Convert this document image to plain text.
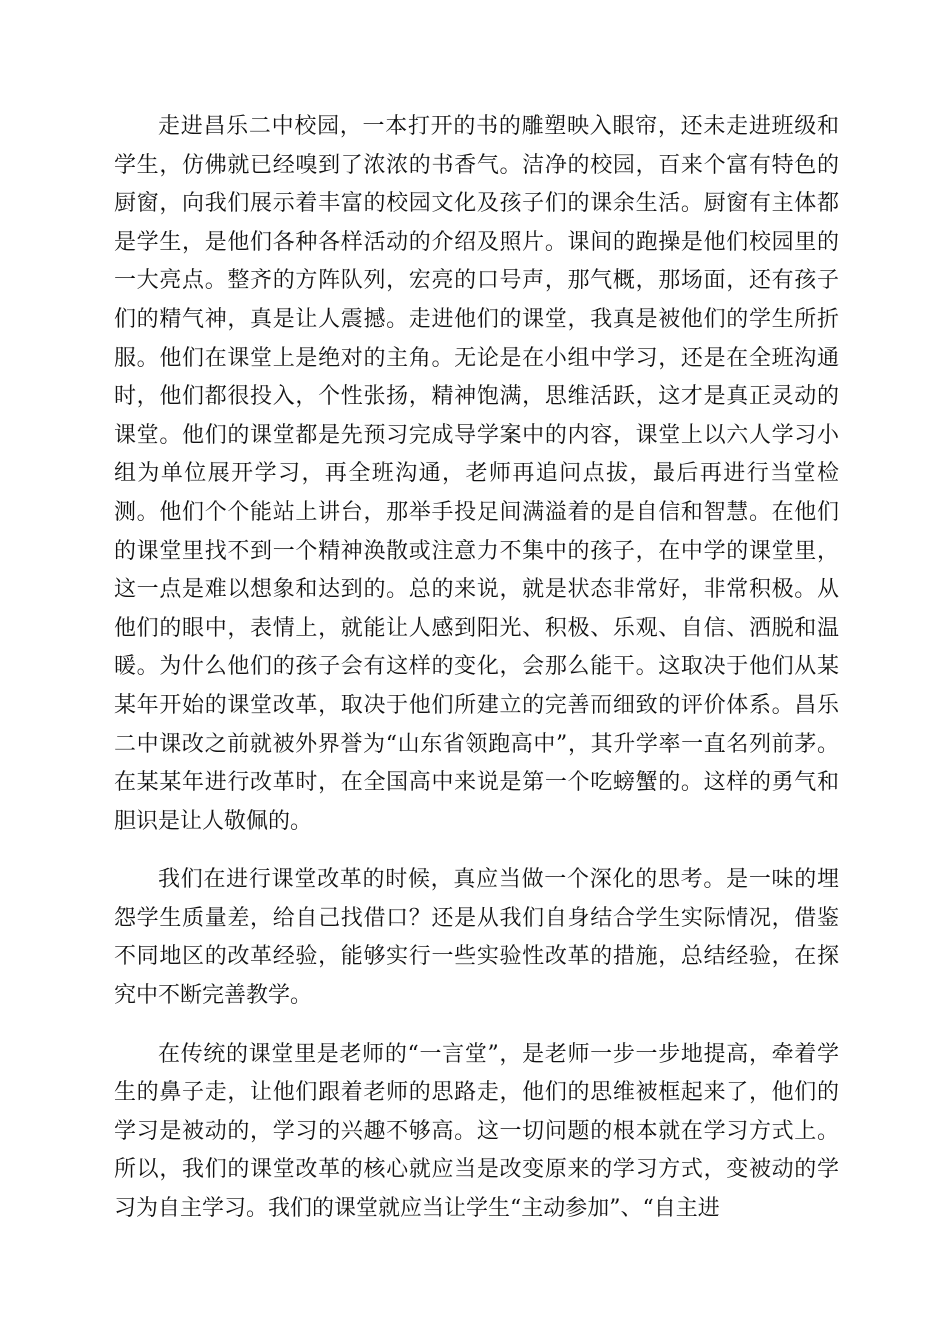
走进昌乐二中校园，一本打开的书的雕塑映入眼帘，还未走进班级和学生，仿佛就已经嗅到了浓浓的书香气。洁净的校园，百来个富有特色的厨窗，向我们展示着丰富的校园文化及孩子们的课余生活。厨窗有主体都是学生，是他们各种各样活动的介绍及照片。课间的跑操是他们校园里的一大亮点。整齐的方阵队列，宏亮的口号声，那气概，那场面，还有孩子们的精气神，真是让人震撼。走进他们的课堂，我真是被他们的学生所折服。他们在课堂上是绝对的主角。无论是在小组中学习，还是在全班沟通时，他们都很投入，个性张扬，精神饱满，思维活跃，这才是真正灵动的课堂。他们的课堂都是先预习完成导学案中的内容，课堂上以六人学习小组为单位展开学习，再全班沟通，老师再追问点拔，最后再进行当堂检测。他们个个能站上讲台，那举手投足间满溢着的是自信和智慧。在他们的课堂里找不到一个精神涣散或注意力不集中的孩子，在中学的课堂里，这一点是难以想象和达到的。总的来说，就是状态非常好，非常积极。从他们的眼中，表情上，就能让人感到阳光、积极、乐观、自信、洒脱和温暖。为什么他们的孩子会有这样的变化，会那么能干。这取决于他们从某某年开始的课堂改革，取决于他们所建立的完善而细致的评价体系。昌乐二中课改之前就被外界誉为“山东省领跑高中”，其升学率一直名列前茅。在某某年进行改革时，在全国高中来说是第一个吃螃蟹的。这样的勇气和胆识是让人敬佩的。

我们在进行课堂改革的时候，真应当做一个深化的思考。是一味的埋怨学生质量差，给自己找借口？还是从我们自身结合学生实际情况，借鉴不同地区的改革经验，能够实行一些实验性改革的措施，总结经验，在探究中不断完善教学。

在传统的课堂里是老师的“一言堂”，是老师一步一步地提高，牵着学生的鼻子走，让他们跟着老师的思路走，他们的思维被框起来了，他们的学习是被动的，学习的兴趣不够高。这一切问题的根本就在学习方式上。所以，我们的课堂改革的核心就应当是改变原来的学习方式，变被动的学习为自主学习。我们的课堂就应当让学生“主动参加”、“自主进
